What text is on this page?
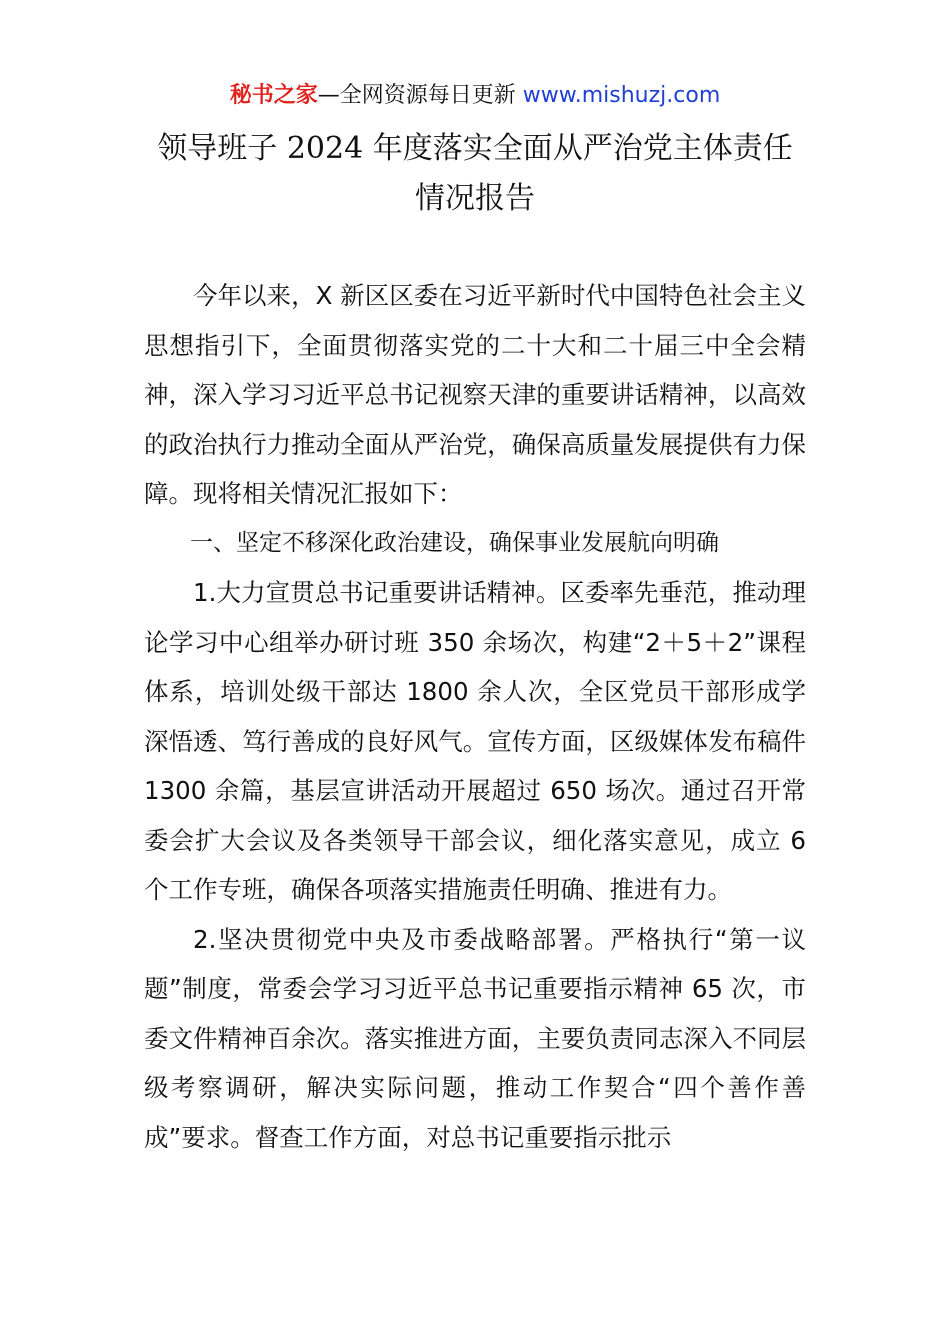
秘书之家—全网资源每日更新 www.mishuzj.com
领导班子 2024 年度落实全面从严治党主体责任
情况报告

今年以来，X 新区区委在习近平新时代中国特色社会主义思想指引下，全面贯彻落实党的二十大和二十届三中全会精神，深入学习习近平总书记视察天津的重要讲话精神，以高效的政治执行力推动全面从严治党，确保高质量发展提供有力保障。现将相关情况汇报如下：

一、坚定不移深化政治建设，确保事业发展航向明确

1.大力宣贯总书记重要讲话精神。区委率先垂范，推动理论学习中心组举办研讨班 350 余场次，构建“2＋5＋2”课程体系，培训处级干部达 1800 余人次，全区党员干部形成学深悟透、笃行善成的良好风气。宣传方面，区级媒体发布稿件 1300 余篇，基层宣讲活动开展超过 650 场次。通过召开常委会扩大会议及各类领导干部会议，细化落实意见，成立 6 个工作专班，确保各项落实措施责任明确、推进有力。

2.坚决贯彻党中央及市委战略部署。严格执行“第一议题”制度，常委会学习习近平总书记重要指示精神 65 次，市委文件精神百余次。落实推进方面，主要负责同志深入不同层级考察调研，解决实际问题，推动工作契合“四个善作善成”要求。督查工作方面，对总书记重要指示批示
